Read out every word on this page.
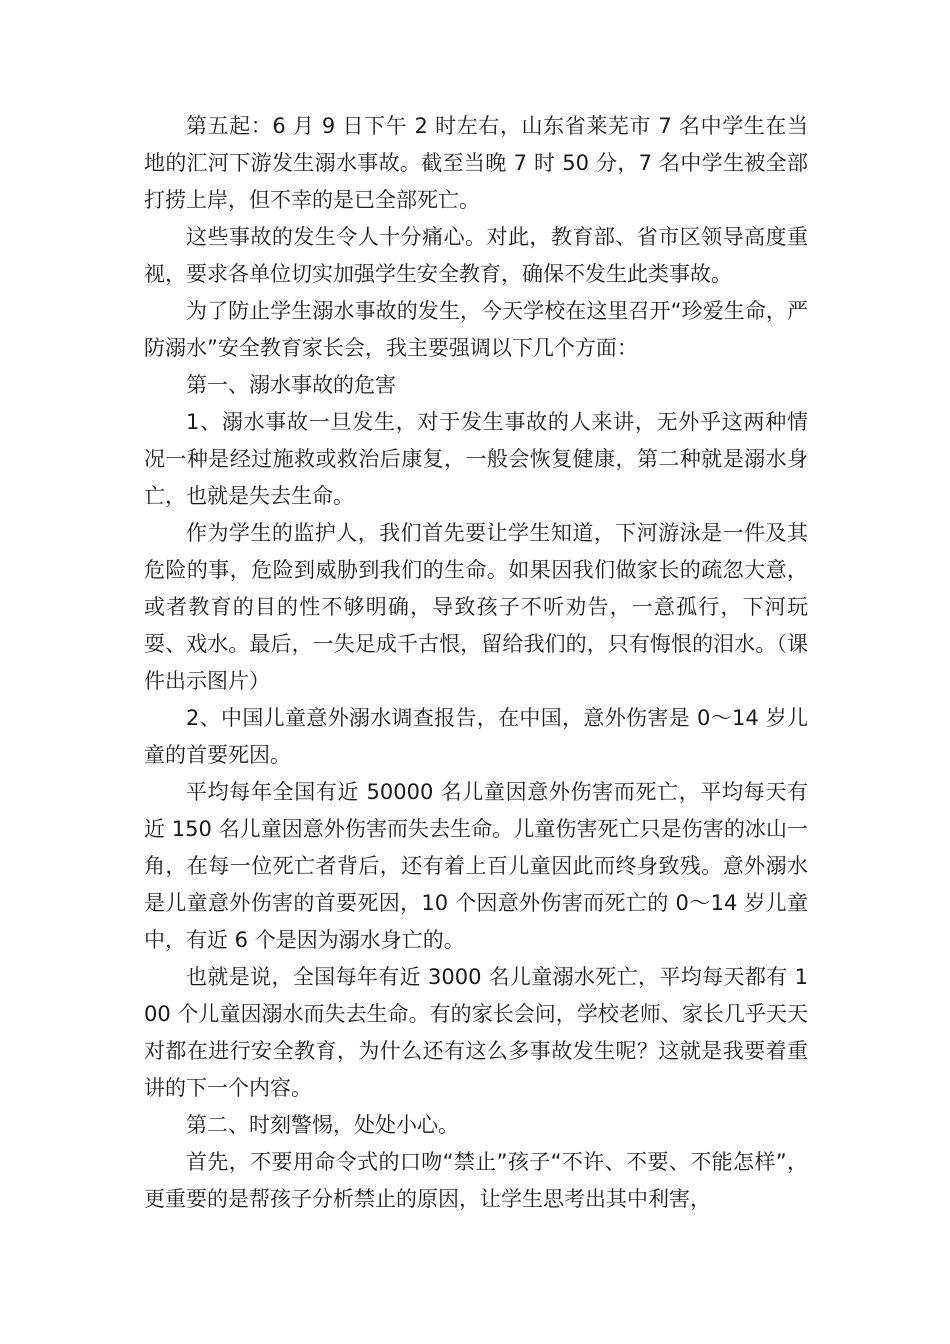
第五起：6 月 9 日下午 2 时左右，山东省莱芜市 7 名中学生在当地的汇河下游发生溺水事故。截至当晚 7 时 50 分，7 名中学生被全部打捞上岸，但不幸的是已全部死亡。

这些事故的发生令人十分痛心。对此，教育部、省市区领导高度重视，要求各单位切实加强学生安全教育，确保不发生此类事故。

为了防止学生溺水事故的发生，今天学校在这里召开“珍爱生命，严防溺水”安全教育家长会，我主要强调以下几个方面：

第一、溺水事故的危害

1、溺水事故一旦发生，对于发生事故的人来讲，无外乎这两种情况一种是经过施救或救治后康复，一般会恢复健康，第二种就是溺水身亡，也就是失去生命。

作为学生的监护人，我们首先要让学生知道，下河游泳是一件及其危险的事，危险到威胁到我们的生命。如果因我们做家长的疏忽大意，或者教育的目的性不够明确，导致孩子不听劝告，一意孤行，下河玩耍、戏水。最后，一失足成千古恨，留给我们的，只有悔恨的泪水。（课件出示图片）

2、中国儿童意外溺水调查报告，在中国，意外伤害是 0～14 岁儿童的首要死因。

平均每年全国有近 50000 名儿童因意外伤害而死亡，平均每天有近 150 名儿童因意外伤害而失去生命。儿童伤害死亡只是伤害的冰山一角，在每一位死亡者背后，还有着上百儿童因此而终身致残。意外溺水是儿童意外伤害的首要死因，10 个因意外伤害而死亡的 0～14 岁儿童中，有近 6 个是因为溺水身亡的。

也就是说，全国每年有近 3000 名儿童溺水死亡，平均每天都有 100 个儿童因溺水而失去生命。有的家长会问，学校老师、家长几乎天天对都在进行安全教育，为什么还有这么多事故发生呢？这就是我要着重讲的下一个内容。

第二、时刻警惕，处处小心。

首先，不要用命令式的口吻“禁止”孩子“不许、不要、不能怎样”，更重要的是帮孩子分析禁止的原因，让学生思考出其中利害，
